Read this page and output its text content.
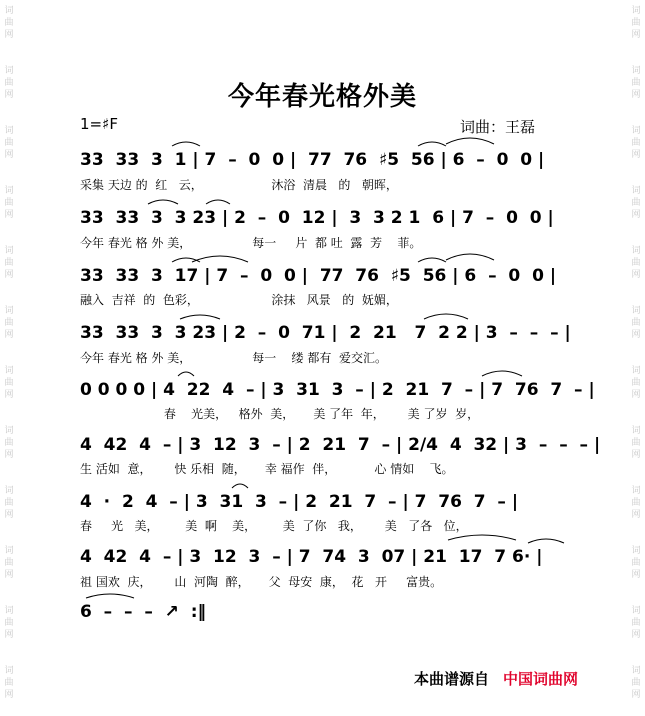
词
曲
网
词
曲
网
词
曲
网
词
曲
网
词
曲
网
词
曲
网
词
曲
网
词
曲
网
词
曲
网
词
曲
网
词
曲
网
词
曲
网
词
曲
网
词
曲
网
词
曲
网
词
曲
网
词
曲
网
词
曲
网
词
曲
网
词
曲
网
词
曲
网
词
曲
网
词
曲
网
词
曲
网
今年春光格外美
1=♯F	词曲：王磊
33  33  3  1 | 7  –  0  0 |  77  76  ♯5  56 | 6  –  0  0 |
采集 天边 的  红   云，                  沐浴  清晨   的   朝晖，
33  33  3  3 23 | 2  –  0  12 |  3  3 2 1  6 | 7  –  0  0 |
今年 春光 格 外 美，                每一     片  都 吐  露  芳    菲。
33  33  3  17 | 7  –  0  0 |  77  76  ♯5  56 | 6  –  0  0 |
融入  吉祥  的  色彩，                   涂抹   风景   的  妩媚，
33  33  3  3 23 | 2  –  0  71 |  2  21   7  2 2 | 3  –  –  – |
今年 春光 格 外 美，                每一    缕 都有  爱交汇。
0 0 0 0 | 4  22  4  – | 3  31  3  – | 2  21  7  – | 7  76  7  – |
春    光美，   格外  美，     美 了年  年，      美 了岁  岁，
4  42  4  – | 3  12  3  – | 2  21  7  – | 2/4  4  32 | 3  –  –  – |
生 活如  意，      快 乐相  随，     幸 福作  伴，          心 情如    飞。
4  ·  2  4  – | 3  31  3  – | 2  21  7  – | 7  76  7  – |
春     光   美，       美  啊    美，       美  了你   我，      美   了各   位，
4  42  4  – | 3  12  3  – | 7  74  3  07 | 21  17  7 6· |
祖 国欢  庆，      山  河陶  醉，     父  母安  康，  花   开     富贵。
6  –  –  –  ↗  :‖
本曲谱源自 中国词曲网
